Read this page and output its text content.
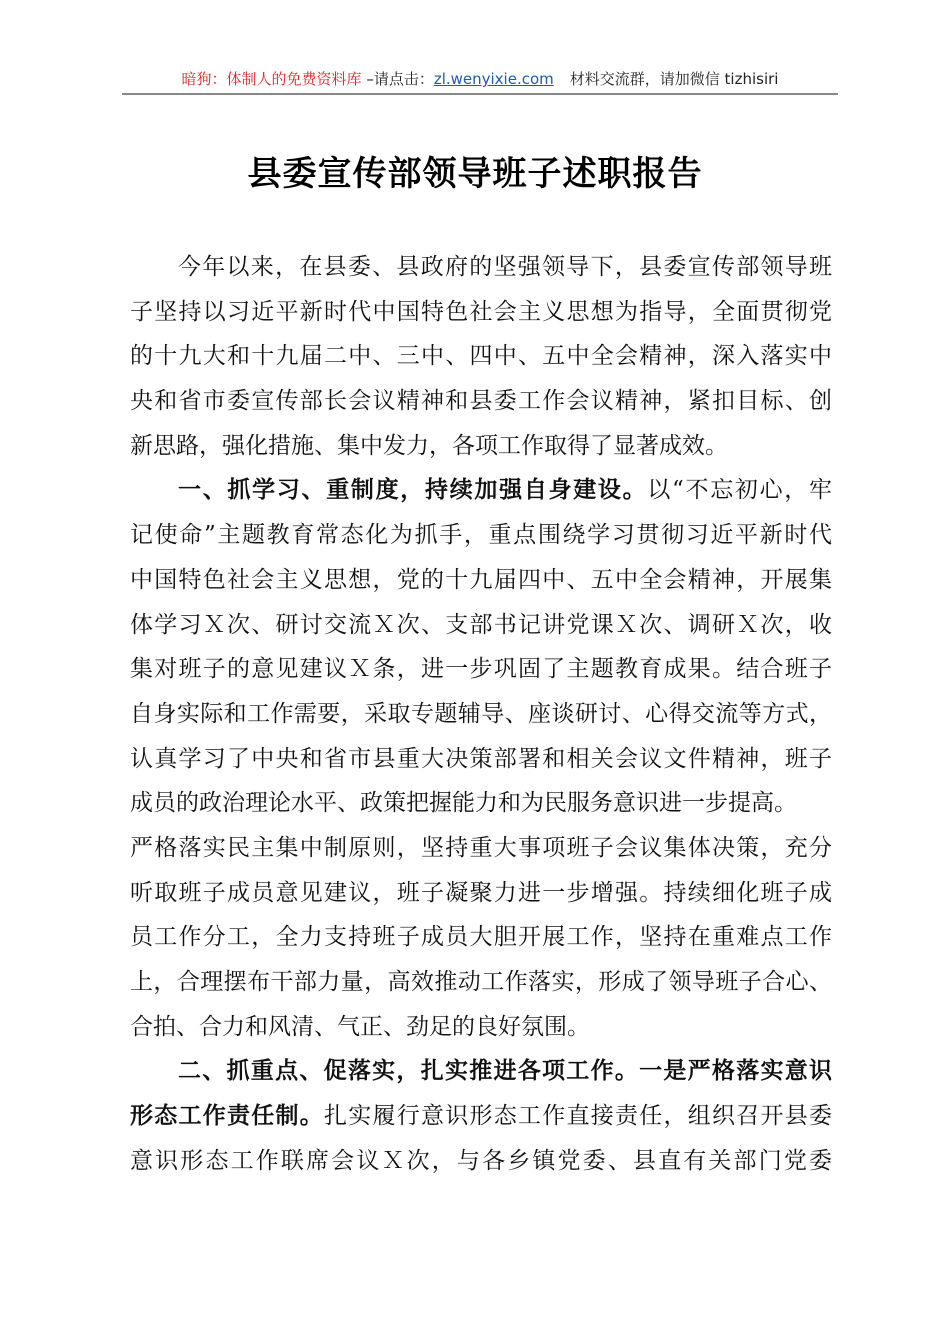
暗狗：体制人的免费资料库 –请点击：zl.wenyixie.com 材料交流群，请加微信 tizhisiri
县委宣传部领导班子述职报告
今年以来，在县委、县政府的坚强领导下，县委宣传部领导班
子坚持以习近平新时代中国特色社会主义思想为指导，全面贯彻党
的十九大和十九届二中、三中、四中、五中全会精神，深入落实中
央和省市委宣传部长会议精神和县委工作会议精神，紧扣目标、创
新思路，强化措施、集中发力，各项工作取得了显著成效。
一、抓学习、重制度，持续加强自身建设。以“不忘初心，牢
记使命”主题教育常态化为抓手，重点围绕学习贯彻习近平新时代
中国特色社会主义思想，党的十九届四中、五中全会精神，开展集
体学习Ｘ次、研讨交流Ｘ次、支部书记讲党课Ｘ次、调研Ｘ次，收
集对班子的意见建议Ｘ条，进一步巩固了主题教育成果。结合班子
自身实际和工作需要，采取专题辅导、座谈研讨、心得交流等方式，
认真学习了中央和省市县重大决策部署和相关会议文件精神，班子
成员的政治理论水平、政策把握能力和为民服务意识进一步提高。
严格落实民主集中制原则，坚持重大事项班子会议集体决策，充分
听取班子成员意见建议，班子凝聚力进一步增强。持续细化班子成
员工作分工，全力支持班子成员大胆开展工作，坚持在重难点工作
上，合理摆布干部力量，高效推动工作落实，形成了领导班子合心、
合拍、合力和风清、气正、劲足的良好氛围。
二、抓重点、促落实，扎实推进各项工作。一是严格落实意识
形态工作责任制。扎实履行意识形态工作直接责任，组织召开县委
意识形态工作联席会议Ｘ次，与各乡镇党委、县直有关部门党委
